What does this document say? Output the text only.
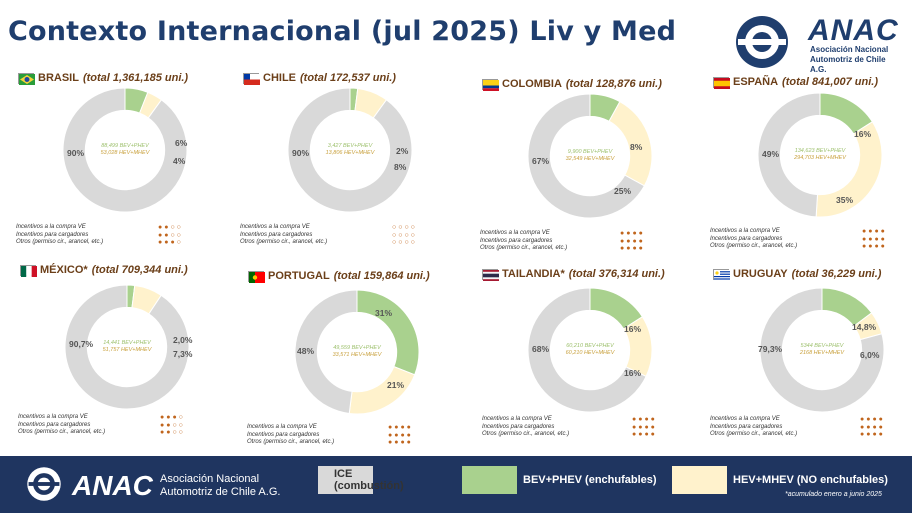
Contexto Internacional (jul 2025) Liv y Med	ANAC
Asociación Nacional
Automotriz de Chile A.G.
BRASIL (total 1,361,185 uni.)
90%
6%
4%
88,499 BEV+PHEV
53,028 HEV+MHEV
Incentivos a la compra VE
Incentivos para cargadores
Otros (permiso cir., arancel, etc.)
●●○○
●●○○
●●●○
CHILE (total 172,537 uni.)
90%	2%
8%
3,427 BEV+PHEV
13,806 HEV+MHEV
Incentivos a la compra VE
Incentivos para cargadores
Otros (permiso cir., arancel, etc.)
○○○○
○○○○
○○○○
COLOMBIA (total 128,876 uni.)
67%
8%
25%
9,900 BEV+PHEV
32,549 HEV+MHEV
Incentivos a la compra VE
Incentivos para cargadores
Otros (permiso cir., arancel, etc.)
●●●●
●●●●
●●●●
ESPAÑA (total 841,007 uni.)
49%
16%
35%
134,623 BEV+PHEV
294,703 HEV+MHEV
Incentivos a la compra VE
Incentivos para cargadores
Otros (permiso cir., arancel, etc.)
●●●●
●●●●
●●●●
MÉXICO* (total 709,344 uni.)
90,7%	2,0%
7,3%
14,441 BEV+PHEV
51,757 HEV+MHEV
Incentivos a la compra VE
Incentivos para cargadores
Otros (permiso cir., arancel, etc.)
●●●○
●●○○
●●○○
PORTUGAL (total 159,864 uni.)
48%
31%
21%
49,559 BEV+PHEV
33,571 HEV+MHEV
Incentivos a la compra VE
Incentivos para cargadores
Otros (permiso cir., arancel, etc.)
●●●●
●●●●
●●●●
TAILANDIA* (total 376,314 uni.)
68%
16%
16%
60,210 BEV+PHEV
60,210 HEV+MHEV
Incentivos a la compra VE
Incentivos para cargadores
Otros (permiso cir., arancel, etc.)
●●●●
●●●●
●●●●
URUGUAY (total 36,229 uni.)
79,3%
14,8%
6,0%
5344 BEV+PHEV
2168 HEV+MHEV
Incentivos a la compra VE
Incentivos para cargadores
Otros (permiso cir., arancel, etc.)
●●●●
●●●●
●●●●
ANAC Asociación Nacional
Automotriz de Chile A.G.
ICE (combustión)	BEV+PHEV (enchufables)	HEV+MHEV (NO enchufables)
*acumulado enero a junio 2025
